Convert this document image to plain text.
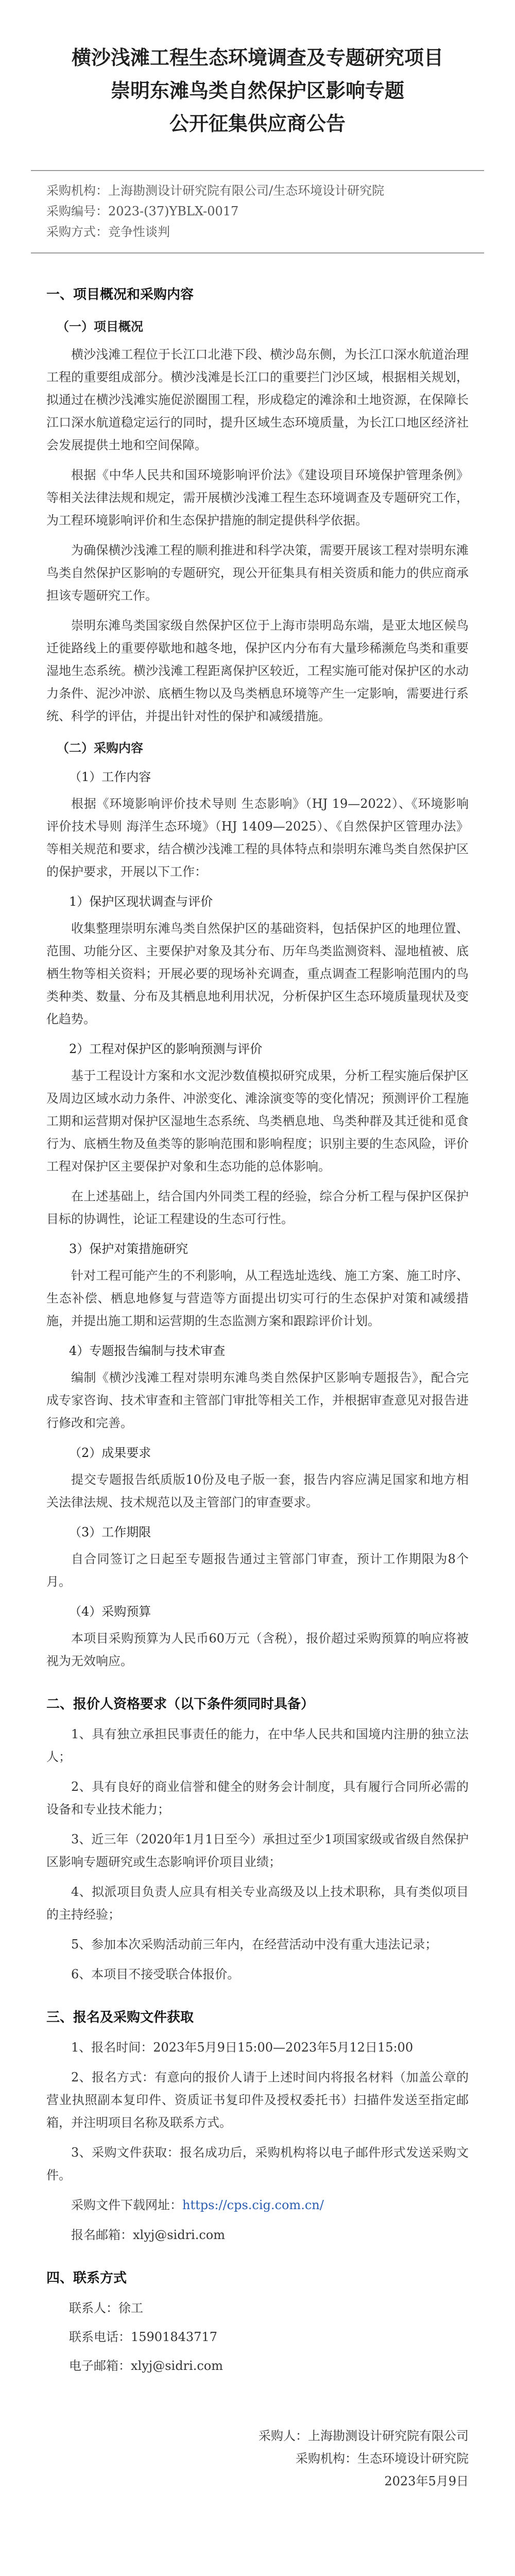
横沙浅滩工程生态环境调查及专题研究项目
崇明东滩鸟类自然保护区影响专题
公开征集供应商公告
采购机构：上海勘测设计研究院有限公司/生态环境设计研究院
采购编号：2023-(37)YBLX-0017
采购方式：竞争性谈判
一、项目概况和采购内容
（一）项目概况
横沙浅滩工程位于长江口北港下段、横沙岛东侧，为长江口深水航道治理工程的重要组成部分。横沙浅滩是长江口的重要拦门沙区域，根据相关规划，拟通过在横沙浅滩实施促淤圈围工程，形成稳定的滩涂和土地资源，在保障长江口深水航道稳定运行的同时，提升区域生态环境质量，为长江口地区经济社会发展提供土地和空间保障。
根据《中华人民共和国环境影响评价法》《建设项目环境保护管理条例》等相关法律法规和规定，需开展横沙浅滩工程生态环境调查及专题研究工作，为工程环境影响评价和生态保护措施的制定提供科学依据。
为确保横沙浅滩工程的顺利推进和科学决策，需要开展该工程对崇明东滩鸟类自然保护区影响的专题研究，现公开征集具有相关资质和能力的供应商承担该专题研究工作。
崇明东滩鸟类国家级自然保护区位于上海市崇明岛东端，是亚太地区候鸟迁徙路线上的重要停歇地和越冬地，保护区内分布有大量珍稀濒危鸟类和重要湿地生态系统。横沙浅滩工程距离保护区较近，工程实施可能对保护区的水动力条件、泥沙冲淤、底栖生物以及鸟类栖息环境等产生一定影响，需要进行系统、科学的评估，并提出针对性的保护和减缓措施。
（二）采购内容
（1）工作内容
根据《环境影响评价技术导则 生态影响》（HJ 19—2022）、《环境影响评价技术导则 海洋生态环境》（HJ 1409—2025）、《自然保护区管理办法》等相关规范和要求，结合横沙浅滩工程的具体特点和崇明东滩鸟类自然保护区的保护要求，开展以下工作：
1）保护区现状调查与评价
收集整理崇明东滩鸟类自然保护区的基础资料，包括保护区的地理位置、范围、功能分区、主要保护对象及其分布、历年鸟类监测资料、湿地植被、底栖生物等相关资料；开展必要的现场补充调查，重点调查工程影响范围内的鸟类种类、数量、分布及其栖息地利用状况，分析保护区生态环境质量现状及变化趋势。
2）工程对保护区的影响预测与评价
基于工程设计方案和水文泥沙数值模拟研究成果，分析工程实施后保护区及周边区域水动力条件、冲淤变化、滩涂演变等的变化情况；预测评价工程施工期和运营期对保护区湿地生态系统、鸟类栖息地、鸟类种群及其迁徙和觅食行为、底栖生物及鱼类等的影响范围和影响程度；识别主要的生态风险，评价工程对保护区主要保护对象和生态功能的总体影响。
在上述基础上，结合国内外同类工程的经验，综合分析工程与保护区保护目标的协调性，论证工程建设的生态可行性。
3）保护对策措施研究
针对工程可能产生的不利影响，从工程选址选线、施工方案、施工时序、生态补偿、栖息地修复与营造等方面提出切实可行的生态保护对策和减缓措施，并提出施工期和运营期的生态监测方案和跟踪评价计划。
4）专题报告编制与技术审查
编制《横沙浅滩工程对崇明东滩鸟类自然保护区影响专题报告》，配合完成专家咨询、技术审查和主管部门审批等相关工作，并根据审查意见对报告进行修改和完善。
（2）成果要求
提交专题报告纸质版10份及电子版一套，报告内容应满足国家和地方相关法律法规、技术规范以及主管部门的审查要求。
（3）工作期限
自合同签订之日起至专题报告通过主管部门审查，预计工作期限为8个月。
（4）采购预算
本项目采购预算为人民币60万元（含税），报价超过采购预算的响应将被视为无效响应。
二、报价人资格要求（以下条件须同时具备）
1、具有独立承担民事责任的能力，在中华人民共和国境内注册的独立法人；
2、具有良好的商业信誉和健全的财务会计制度，具有履行合同所必需的设备和专业技术能力；
3、近三年（2020年1月1日至今）承担过至少1项国家级或省级自然保护区影响专题研究或生态影响评价项目业绩；
4、拟派项目负责人应具有相关专业高级及以上技术职称，具有类似项目的主持经验；
5、参加本次采购活动前三年内，在经营活动中没有重大违法记录；
6、本项目不接受联合体报价。
三、报名及采购文件获取
1、报名时间：2023年5月9日15:00—2023年5月12日15:00
2、报名方式：有意向的报价人请于上述时间内将报名材料（加盖公章的营业执照副本复印件、资质证书复印件及授权委托书）扫描件发送至指定邮箱，并注明项目名称及联系方式。
3、采购文件获取：报名成功后，采购机构将以电子邮件形式发送采购文件。
采购文件下载网址：https://cps.cig.com.cn/
报名邮箱：xlyj@sidri.com
四、联系方式
联系人：徐工
联系电话：15901843717
电子邮箱：xlyj@sidri.com
采购人：上海勘测设计研究院有限公司
采购机构：生态环境设计研究院
2023年5月9日
